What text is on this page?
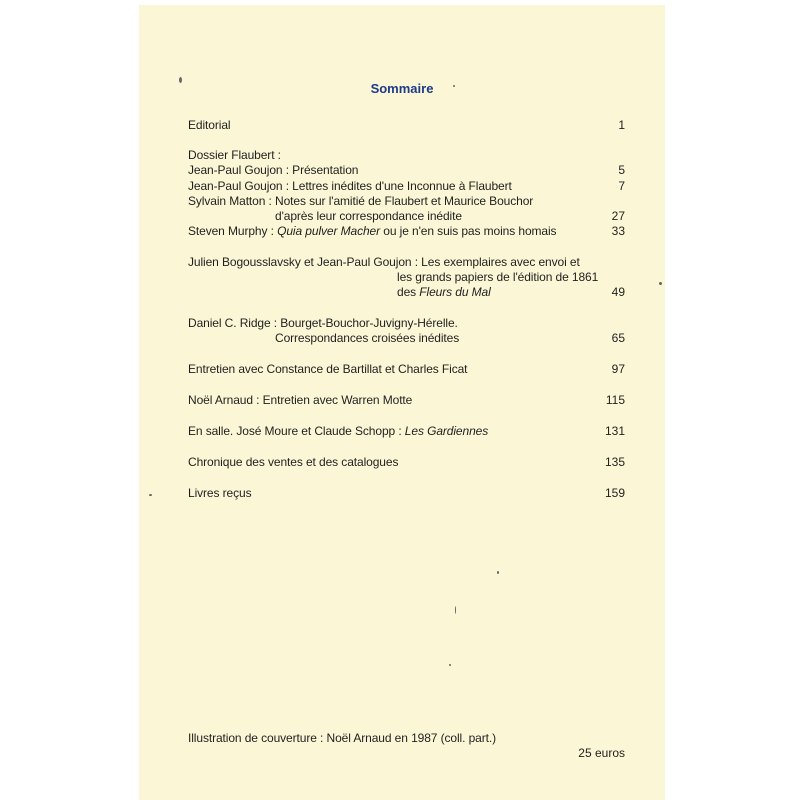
Sommaire
Editorial	1
Dossier Flaubert :
Jean-Paul Goujon : Présentation	5
Jean-Paul Goujon : Lettres inédites d'une Inconnue à Flaubert	7
Sylvain Matton : Notes sur l'amitié de Flaubert et Maurice Bouchor
d'après leur correspondance inédite	27
Steven Murphy : Quia pulver Macher ou je n'en suis pas moins homais	33
Julien Bogousslavsky et Jean-Paul Goujon : Les exemplaires avec envoi et
les grands papiers de l'édition de 1861
des Fleurs du Mal	49
Daniel C. Ridge : Bourget-Bouchor-Juvigny-Hérelle.
Correspondances croisées inédites	65
Entretien avec Constance de Bartillat et Charles Ficat	97
Noël Arnaud : Entretien avec Warren Motte	115
En salle. José Moure et Claude Schopp : Les Gardiennes	131
Chronique des ventes et des catalogues	135
Livres reçus	159
Illustration de couverture : Noël Arnaud en 1987 (coll. part.)
25 euros
